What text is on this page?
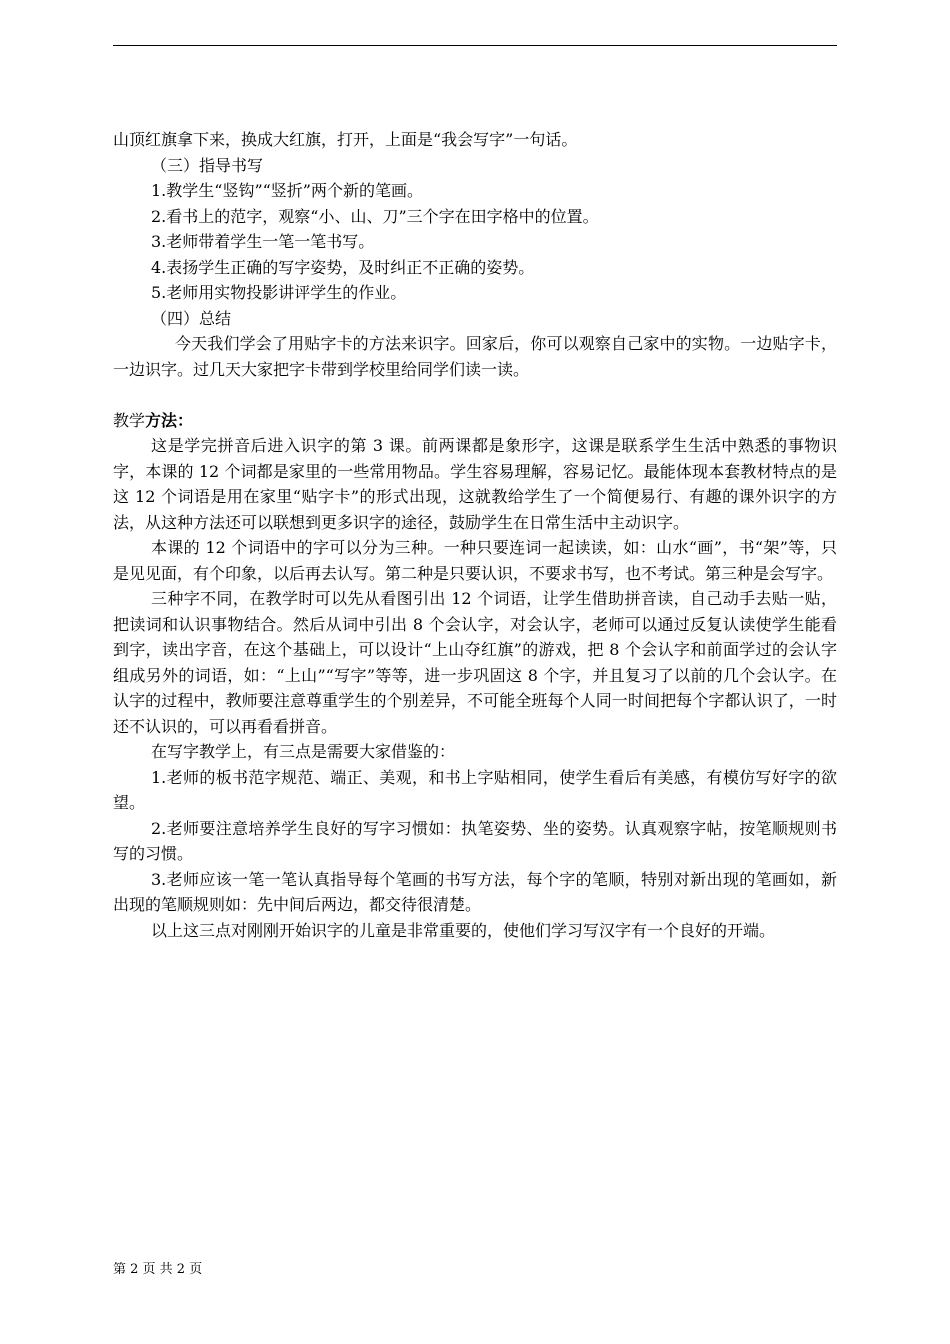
山顶红旗拿下来，换成大红旗，打开，上面是“我会写字”一句话。

（三）指导书写

1.教学生“竖钩”“竖折”两个新的笔画。

2.看书上的范字，观察“小、山、刀”三个字在田字格中的位置。

3.老师带着学生一笔一笔书写。

4.表扬学生正确的写字姿势，及时纠正不正确的姿势。

5.老师用实物投影讲评学生的作业。

（四）总结

今天我们学会了用贴字卡的方法来识字。回家后，你可以观察自己家中的实物。一边贴字卡，一边识字。过几天大家把字卡带到学校里给同学们读一读。

教学方法：

这是学完拼音后进入识字的第 3 课。前两课都是象形字，这课是联系学生生活中熟悉的事物识字，本课的 12 个词都是家里的一些常用物品。学生容易理解，容易记忆。最能体现本套教材特点的是这 12 个词语是用在家里“贴字卡”的形式出现，这就教给学生了一个简便易行、有趣的课外识字的方法，从这种方法还可以联想到更多识字的途径，鼓励学生在日常生活中主动识字。

本课的 12 个词语中的字可以分为三种。一种只要连词一起读读，如：山水“画”，书“架”等，只是见见面，有个印象，以后再去认写。第二种是只要认识，不要求书写，也不考试。第三种是会写字。

三种字不同，在教学时可以先从看图引出 12 个词语，让学生借助拼音读，自己动手去贴一贴，把读词和认识事物结合。然后从词中引出 8 个会认字，对会认字，老师可以通过反复认读使学生能看到字，读出字音，在这个基础上，可以设计“上山夺红旗”的游戏，把 8 个会认字和前面学过的会认字组成另外的词语，如：“上山”“写字”等等，进一步巩固这 8 个字，并且复习了以前的几个会认字。在认字的过程中，教师要注意尊重学生的个别差异，不可能全班每个人同一时间把每个字都认识了，一时还不认识的，可以再看看拼音。

在写字教学上，有三点是需要大家借鉴的：

1.老师的板书范字规范、端正、美观，和书上字贴相同，使学生看后有美感，有模仿写好字的欲望。

2.老师要注意培养学生良好的写字习惯如：执笔姿势、坐的姿势。认真观察字帖，按笔顺规则书写的习惯。

3.老师应该一笔一笔认真指导每个笔画的书写方法，每个字的笔顺，特别对新出现的笔画如，新出现的笔顺规则如：先中间后两边，都交待很清楚。

以上这三点对刚刚开始识字的儿童是非常重要的，使他们学习写汉字有一个良好的开端。

第 2 页 共 2 页
